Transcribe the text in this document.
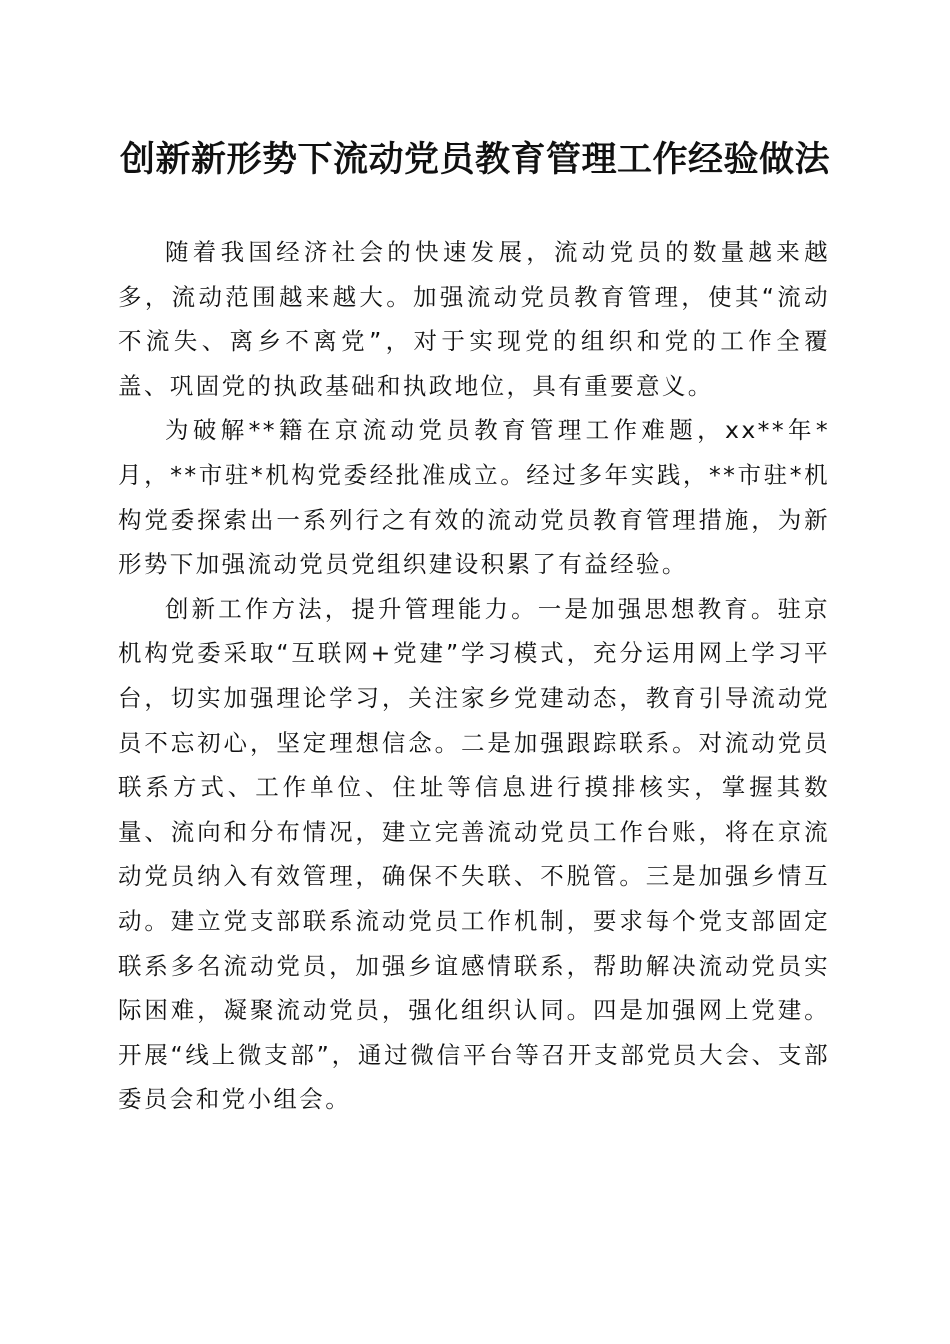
创新新形势下流动党员教育管理工作经验做法

随着我国经济社会的快速发展，流动党员的数量越来越多，流动范围越来越大。加强流动党员教育管理，使其“流动不流失、离乡不离党”，对于实现党的组织和党的工作全覆盖、巩固党的执政基础和执政地位，具有重要意义。

为破解**籍在京流动党员教育管理工作难题，xx**年*月，**市驻*机构党委经批准成立。经过多年实践，**市驻*机构党委探索出一系列行之有效的流动党员教育管理措施，为新形势下加强流动党员党组织建设积累了有益经验。

创新工作方法，提升管理能力。一是加强思想教育。驻京机构党委采取“互联网+党建”学习模式，充分运用网上学习平台，切实加强理论学习，关注家乡党建动态，教育引导流动党员不忘初心，坚定理想信念。二是加强跟踪联系。对流动党员联系方式、工作单位、住址等信息进行摸排核实，掌握其数量、流向和分布情况，建立完善流动党员工作台账，将在京流动党员纳入有效管理，确保不失联、不脱管。三是加强乡情互动。建立党支部联系流动党员工作机制，要求每个党支部固定联系多名流动党员，加强乡谊感情联系，帮助解决流动党员实际困难，凝聚流动党员，强化组织认同。四是加强网上党建。开展“线上微支部”，通过微信平台等召开支部党员大会、支部委员会和党小组会。
